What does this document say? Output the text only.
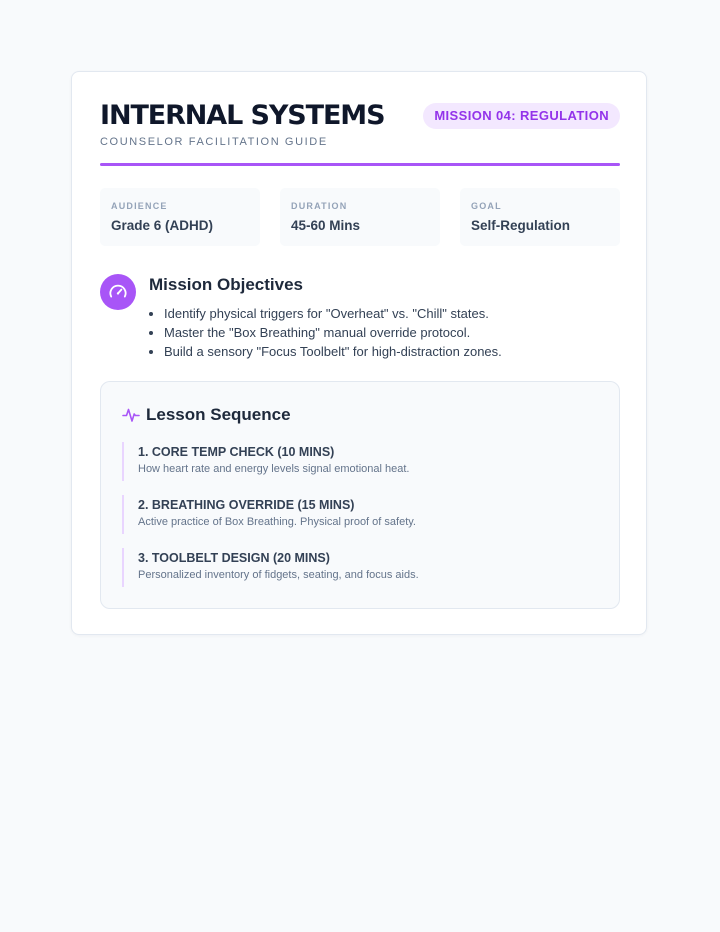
INTERNAL SYSTEMS
COUNSELOR FACILITATION GUIDE
MISSION 04: REGULATION
AUDIENCE
Grade 6 (ADHD)
DURATION
45-60 Mins
GOAL
Self-Regulation
Mission Objectives
• Identify physical triggers for "Overheat" vs. "Chill" states.
• Master the "Box Breathing" manual override protocol.
• Build a sensory "Focus Toolbelt" for high-distraction zones.
Lesson Sequence
1. CORE TEMP CHECK (10 MINS)
How heart rate and energy levels signal emotional heat.
2. BREATHING OVERRIDE (15 MINS)
Active practice of Box Breathing. Physical proof of safety.
3. TOOLBELT DESIGN (20 MINS)
Personalized inventory of fidgets, seating, and focus aids.
